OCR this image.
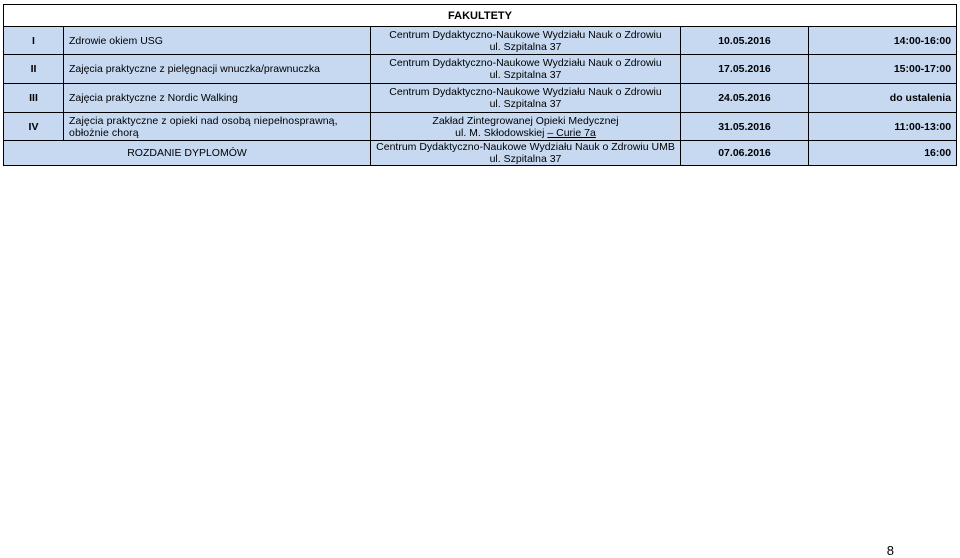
FAKULTETY				
I	Zdrowie okiem USG	Centrum Dydaktyczno-Naukowe Wydziału Nauk o Zdrowiu
ul. Szpitalna 37	10.05.2016	14:00-16:00
II	Zajęcia praktyczne z pielęgnacji wnuczka/prawnuczka	Centrum Dydaktyczno-Naukowe Wydziału Nauk o Zdrowiu
ul. Szpitalna 37	17.05.2016	15:00-17:00
III	Zajęcia praktyczne z Nordic Walking	Centrum Dydaktyczno-Naukowe Wydziału Nauk o Zdrowiu
ul. Szpitalna 37	24.05.2016	do ustalenia
IV	Zajęcia praktyczne z opieki nad osobą niepełnosprawną,
obłożnie chorą	Zakład Zintegrowanej Opieki Medycznej
ul. M. Skłodowskiej – Curie 7a	31.05.2016	11:00-13:00
ROZDANIE DYPLOMÓW		Centrum Dydaktyczno-Naukowe Wydziału Nauk o Zdrowiu UMB
ul. Szpitalna 37	07.06.2016	16:00
8
